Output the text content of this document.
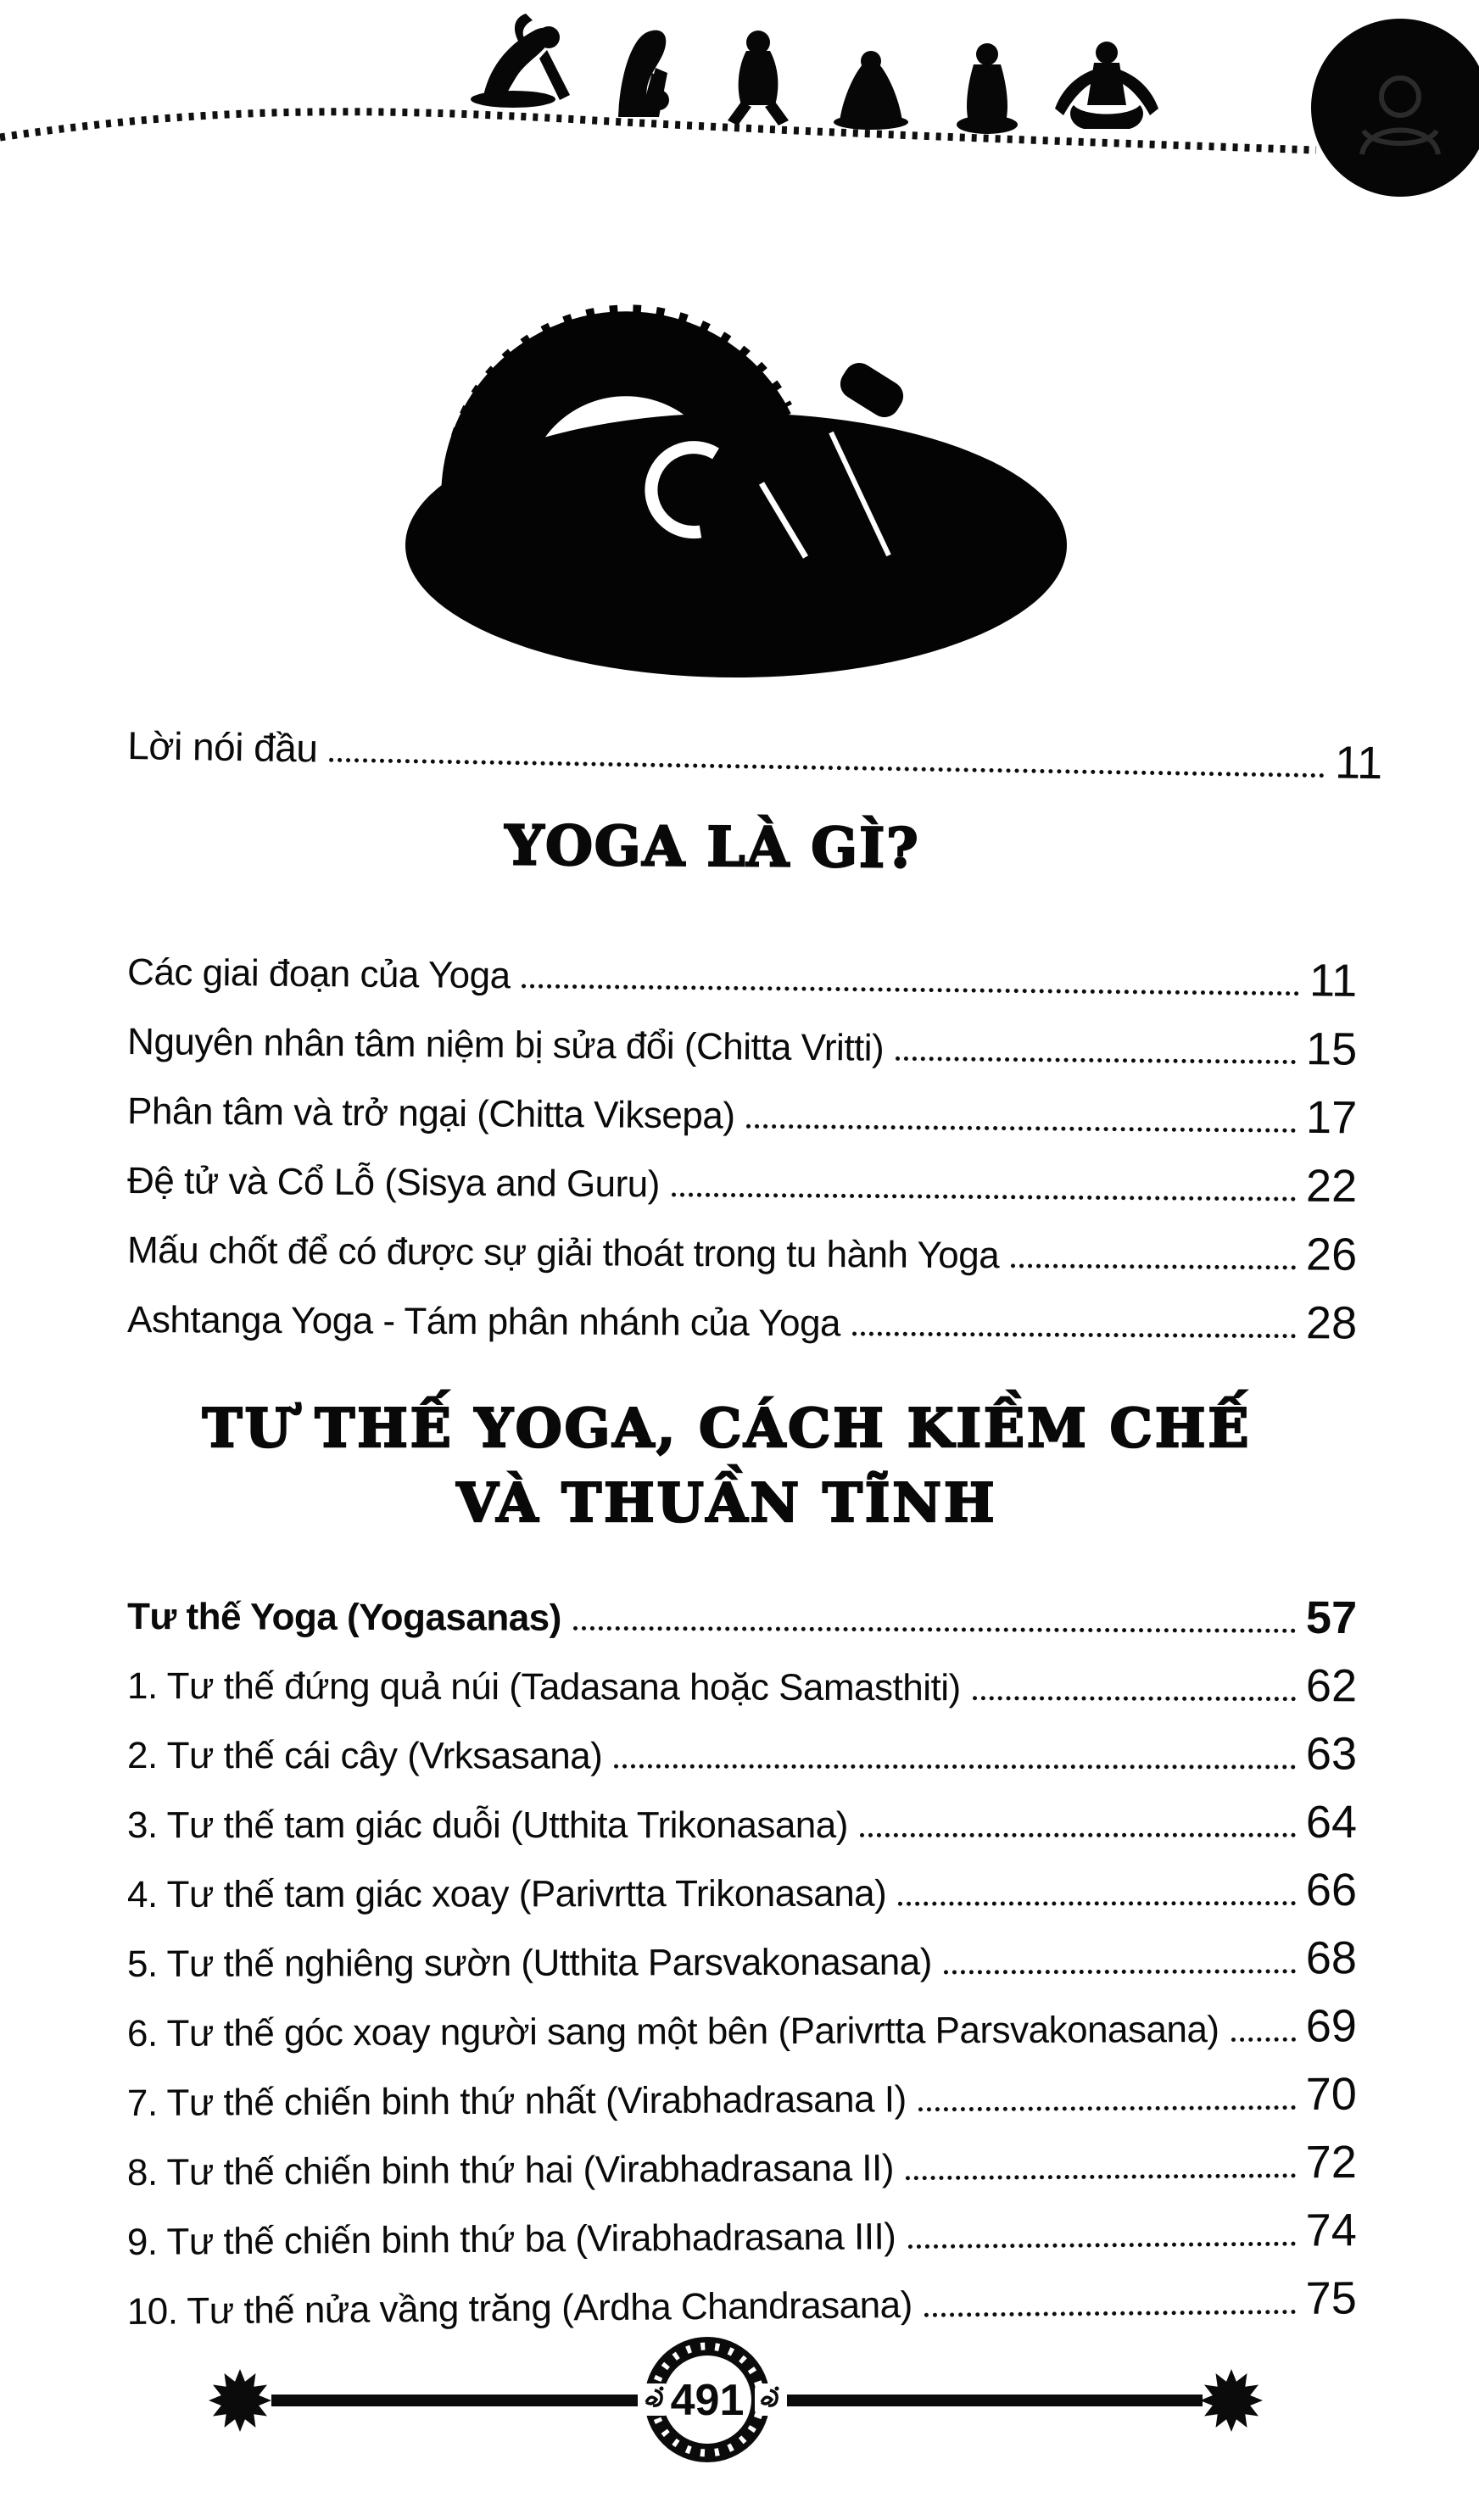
Lời nói đầu	11
YOGA LÀ GÌ?
Các giai đoạn của Yoga	11
Nguyên nhân tâm niệm bị sửa đổi (Chitta Vritti)	15
Phân tâm và trở ngại (Chitta Viksepa)	17
Đệ tử và Cổ Lỗ (Sisya and Guru)	22
Mấu chốt để có được sự giải thoát trong tu hành Yoga	26
Ashtanga Yoga - Tám phân nhánh của Yoga	28
TƯ THẾ YOGA, CÁCH KIỀM CHẾ
VÀ THUẦN TĨNH
Tư thế Yoga (Yogasanas)	57
1. Tư thế đứng quả núi (Tadasana hoặc Samasthiti)	62
2. Tư thế cái cây (Vrksasana)	63
3. Tư thế tam giác duỗi (Utthita Trikonasana)	64
4. Tư thế tam giác xoay (Parivrtta Trikonasana)	66
5. Tư thế nghiêng sườn (Utthita Parsvakonasana)	68
6. Tư thế góc xoay người sang một bên (Parivrtta Parsvakonasana) 69
7. Tư thế chiến binh thứ nhất (Virabhadrasana I)	70
8. Tư thế chiến binh thứ hai (Virabhadrasana II)	72
9. Tư thế chiến binh thứ ba (Virabhadrasana III)	74
10. Tư thế nửa vầng trăng (Ardha Chandrasana)	75
491
